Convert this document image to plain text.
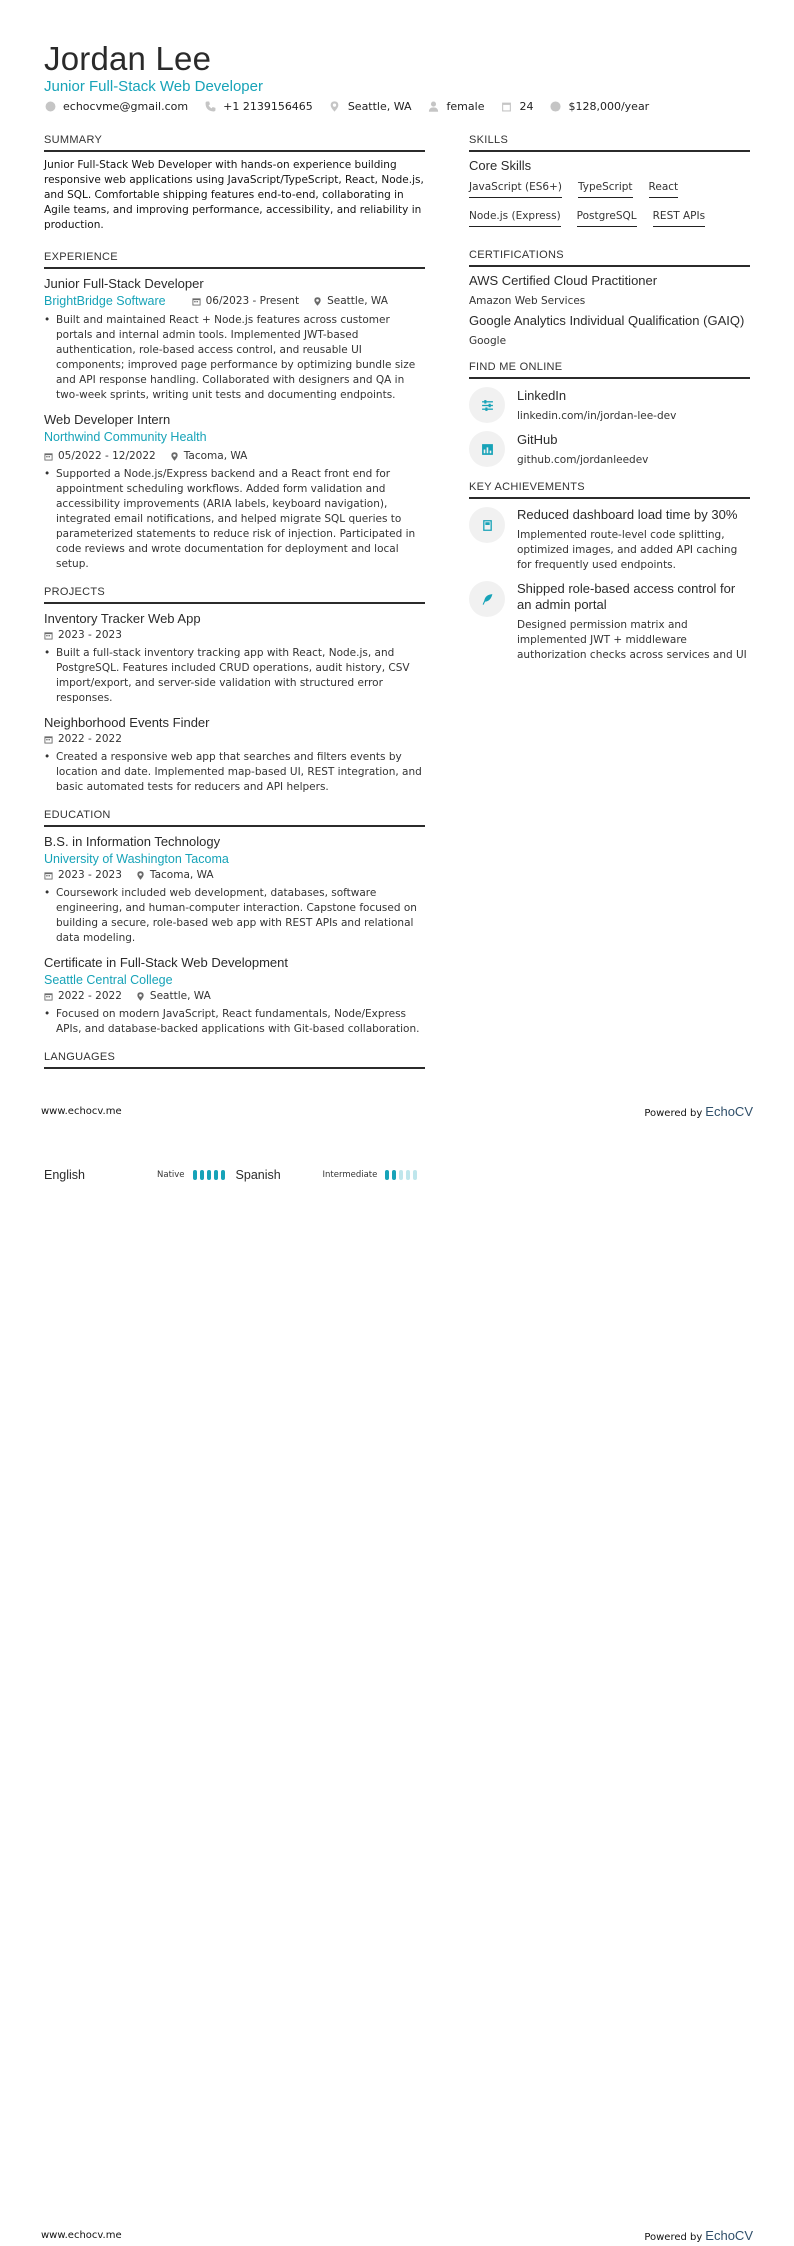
Jordan Lee
Junior Full-Stack Web Developer
echocvme@gmail.com	+1 2139156465	Seattle, WA	female	24	$128,000/year
SUMMARY
Junior Full-Stack Web Developer with hands-on experience building responsive web applications using JavaScript/TypeScript, React, Node.js, and SQL. Comfortable shipping features end-to-end, collaborating in Agile teams, and improving performance, accessibility, and reliability in production.
EXPERIENCE
Junior Full-Stack Developer
BrightBridge Software	06/2023 - Present	Seattle, WA
• Built and maintained React + Node.js features across customer portals and internal admin tools. Implemented JWT-based authentication, role-based access control, and reusable UI components; improved page performance by optimizing bundle size and API response handling. Collaborated with designers and QA in two-week sprints, writing unit tests and documenting endpoints.
Web Developer Intern
Northwind Community Health
05/2022 - 12/2022	Tacoma, WA
• Supported a Node.js/Express backend and a React front end for appointment scheduling workflows. Added form validation and accessibility improvements (ARIA labels, keyboard navigation), integrated email notifications, and helped migrate SQL queries to parameterized statements to reduce risk of injection. Participated in code reviews and wrote documentation for deployment and local setup.
PROJECTS
Inventory Tracker Web App
2023 - 2023
• Built a full-stack inventory tracking app with React, Node.js, and PostgreSQL. Features included CRUD operations, audit history, CSV import/export, and server-side validation with structured error responses.
Neighborhood Events Finder
2022 - 2022
• Created a responsive web app that searches and filters events by location and date. Implemented map-based UI, REST integration, and basic automated tests for reducers and API helpers.
EDUCATION
B.S. in Information Technology
University of Washington Tacoma
2023 - 2023	Tacoma, WA
• Coursework included web development, databases, software engineering, and human-computer interaction. Capstone focused on building a secure, role-based web app with REST APIs and relational data modeling.
Certificate in Full-Stack Web Development
Seattle Central College
2022 - 2022	Seattle, WA
• Focused on modern JavaScript, React fundamentals, Node/Express APIs, and database-backed applications with Git-based collaboration.
LANGUAGES
SKILLS
Core Skills
JavaScript (ES6+) TypeScript React
Node.js (Express) PostgreSQL REST APIs
CERTIFICATIONS
AWS Certified Cloud Practitioner
Amazon Web Services
Google Analytics Individual Qualification (GAIQ)
Google
FIND ME ONLINE
LinkedIn
linkedin.com/in/jordan-lee-dev
GitHub
github.com/jordanleedev
KEY ACHIEVEMENTS
Reduced dashboard load time by 30%
Implemented route-level code splitting, optimized images, and added API caching for frequently used endpoints.
Shipped role-based access control for an admin portal
Designed permission matrix and implemented JWT + middleware authorization checks across services and UI
www.echocv.me	Powered by EchoCV
English	Native	Spanish	Intermediate
www.echocv.me	Powered by EchoCV
